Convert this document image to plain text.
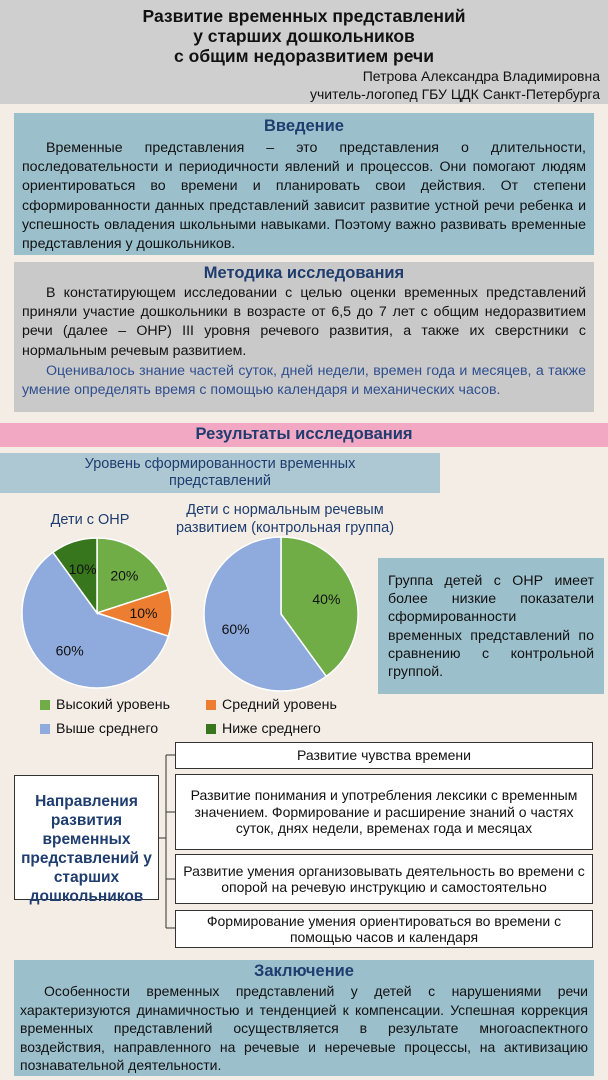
Развитие временных представлений
у старших дошкольников
с общим недоразвитием речи
Петрова Александра Владимировна
учитель-логопед ГБУ ЦДК Санкт-Петербурга
Введение
Временные представления – это представления о длительности, последовательности и периодичности явлений и процессов. Они помогают людям ориентироваться во времени и планировать свои действия. От степени сформированности данных представлений зависит развитие устной речи ребенка и успешность овладения школьными навыками. Поэтому важно развивать временные представления у дошкольников.
Методика исследования
В констатирующем исследовании с целью оценки временных представлений приняли участие дошкольники в возрасте от 6,5 до 7 лет с общим недоразвитием речи (далее – ОНР) III уровня речевого развития, а также их сверстники с нормальным речевым развитием.
Оценивалось знание частей суток, дней недели, времен года и месяцев, а также умение определять время с помощью календаря и механических часов.
Результаты исследования
Уровень сформированности временных представлений
Дети с ОНР
Дети с нормальным речевым
развитием (контрольная группа)
20%
10%
60%
10%
40%
60%
Группа детей с ОНР имеет более низкие показатели сформированности временных представлений по сравнению с контрольной группой.
Высокий уровень	Средний уровень
Выше среднего	Ниже среднего
Направления развития временных представлений у старших дошкольников
Развитие чувства времени
Развитие понимания и употребления лексики с временным значением. Формирование и расширение знаний о частях суток, днях недели, временах года и месяцах
Развитие умения организовывать деятельность во времени с опорой на речевую инструкцию и самостоятельно
Формирование умения ориентироваться во времени с помощью часов и календаря
Заключение
Особенности временных представлений у детей с нарушениями речи характеризуются динамичностью и тенденцией к компенсации. Успешная коррекция временных представлений осуществляется в результате многоаспектного воздействия, направленного на речевые и неречевые процессы, на активизацию познавательной деятельности.
